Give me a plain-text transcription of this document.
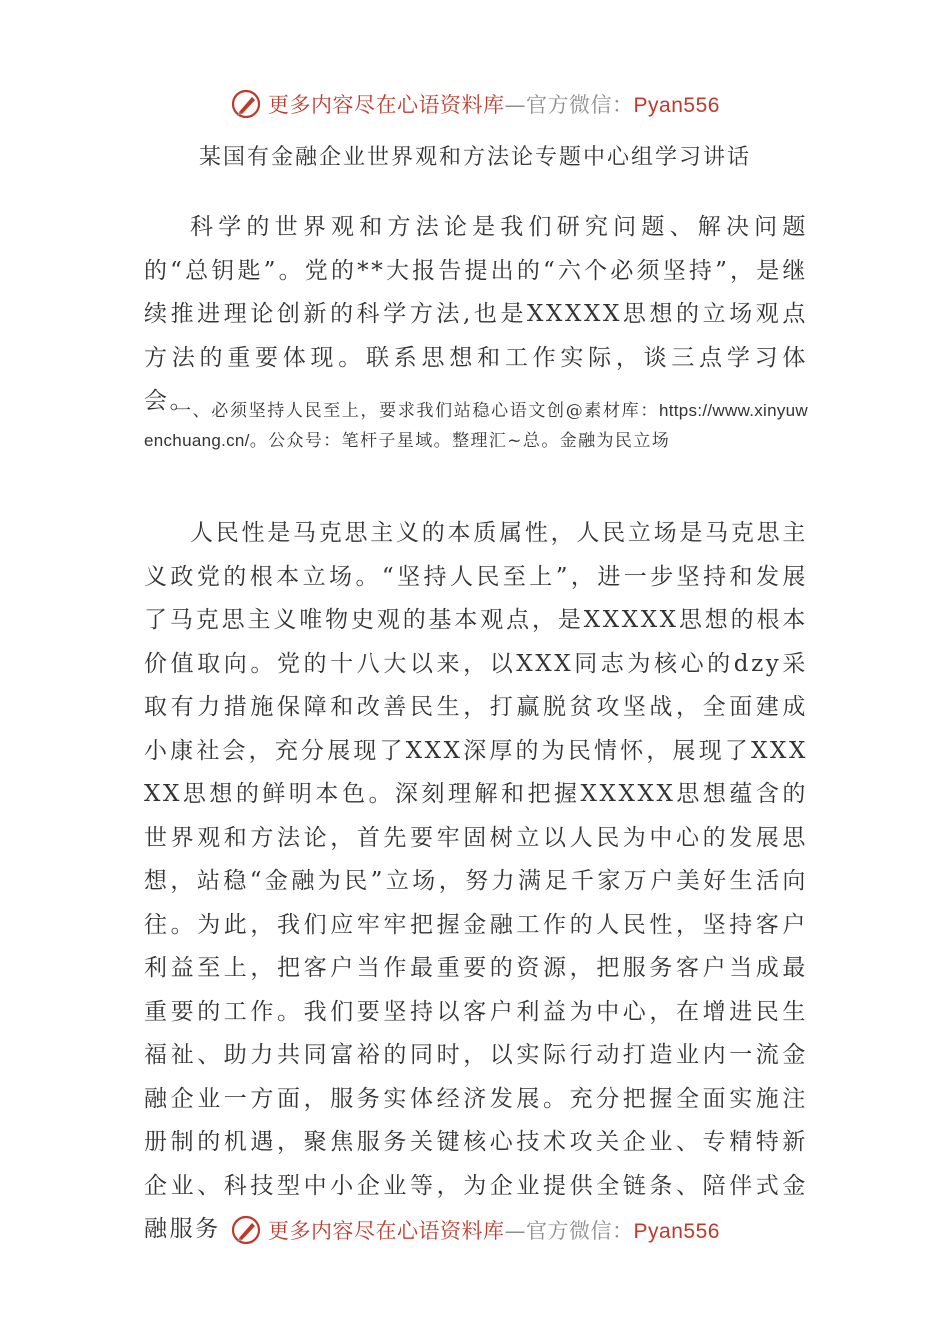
更多内容尽在心语资料库—官方微信：Pyan556
某国有金融企业世界观和方法论专题中心组学习讲话
科学的世界观和方法论是我们研究问题、解决问题的“总钥匙”。党的**大报告提出的“六个必须坚持”，是继续推进理论创新的科学方法,也是XXXXX思想的立场观点方法的重要体现。联系思想和工作实际，谈三点学习体会。
一、必须坚持人民至上，要求我们站稳心语文创@素材库：https://www.xinyuwenchuang.cn/。公众号：笔杆子星域。整理汇~总。金融为民立场
人民性是马克思主义的本质属性，人民立场是马克思主义政党的根本立场。“坚持人民至上”，进一步坚持和发展了马克思主义唯物史观的基本观点，是XXXXX思想的根本价值取向。党的十八大以来，以XXX同志为核心的dzy采取有力措施保障和改善民生，打赢脱贫攻坚战，全面建成小康社会，充分展现了XXX深厚的为民情怀，展现了XXXXX思想的鲜明本色。深刻理解和把握XXXXX思想蕴含的世界观和方法论，首先要牢固树立以人民为中心的发展思想，站稳“金融为民”立场，努力满足千家万户美好生活向往。为此，我们应牢牢把握金融工作的人民性，坚持客户利益至上，把客户当作最重要的资源，把服务客户当成最重要的工作。我们要坚持以客户利益为中心，在增进民生福祉、助力共同富裕的同时，以实际行动打造业内一流金融企业一方面，服务实体经济发展。充分把握全面实施注册制的机遇，聚焦服务关键核心技术攻关企业、专精特新企业、科技型中小企业等，为企业提供全链条、陪伴式金融服务	更多内容尽在心语资料库—官方微信：Pyan556
